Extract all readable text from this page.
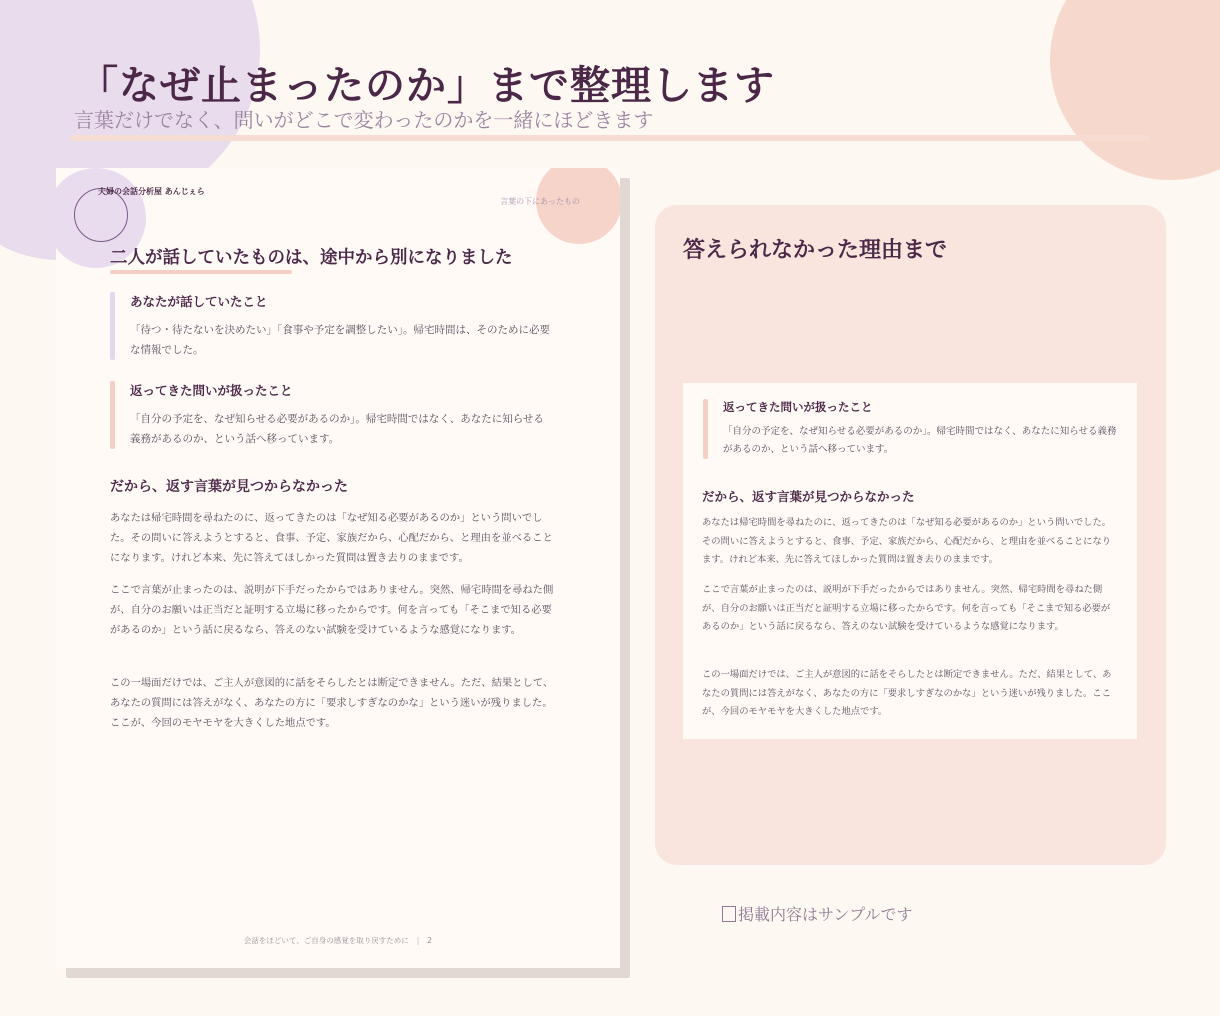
「なぜ止まったのか」まで整理します

言葉だけでなく、問いがどこで変わったのかを一緒にほどきます

夫婦の会話分析屋 あんじぇら
言葉の下にあったもの
二人が話していたものは、途中から別になりました
あなたが話していたこと

「待つ・待たないを決めたい」「食事や予定を調整したい」。帰宅時間は、そのために必要な情報でした。

返ってきた問いが扱ったこと

「自分の予定を、なぜ知らせる必要があるのか」。帰宅時間ではなく、あなたに知らせる義務があるのか、という話へ移っています。

だから、返す言葉が見つからなかった

あなたは帰宅時間を尋ねたのに、返ってきたのは「なぜ知る必要があるのか」という問いでした。その問いに答えようとすると、食事、予定、家族だから、心配だから、と理由を並べることになります。けれど本来、先に答えてほしかった質問は置き去りのままです。

ここで言葉が止まったのは、説明が下手だったからではありません。突然、帰宅時間を尋ねた側が、自分のお願いは正当だと証明する立場に移ったからです。何を言っても「そこまで知る必要があるのか」という話に戻るなら、答えのない試験を受けているような感覚になります。

この一場面だけでは、ご主人が意図的に話をそらしたとは断定できません。ただ、結果として、あなたの質問には答えがなく、あなたの方に「要求しすぎなのかな」という迷いが残りました。ここが、今回のモヤモヤを大きくした地点です。

会話をほどいて、ご自身の感覚を取り戻すために | 2
答えられなかった理由まで
返ってきた問いが扱ったこと

「自分の予定を、なぜ知らせる必要があるのか」。帰宅時間ではなく、あなたに知らせる義務があるのか、という話へ移っています。

だから、返す言葉が見つからなかった

あなたは帰宅時間を尋ねたのに、返ってきたのは「なぜ知る必要があるのか」という問いでした。その問いに答えようとすると、食事、予定、家族だから、心配だから、と理由を並べることになります。けれど本来、先に答えてほしかった質問は置き去りのままです。

ここで言葉が止まったのは、説明が下手だったからではありません。突然、帰宅時間を尋ねた側が、自分のお願いは正当だと証明する立場に移ったからです。何を言っても「そこまで知る必要があるのか」という話に戻るなら、答えのない試験を受けているような感覚になります。

この一場面だけでは、ご主人が意図的に話をそらしたとは断定できません。ただ、結果として、あなたの質問には答えがなく、あなたの方に「要求しすぎなのかな」という迷いが残りました。ここが、今回のモヤモヤを大きくした地点です。

掲載内容はサンプルです
